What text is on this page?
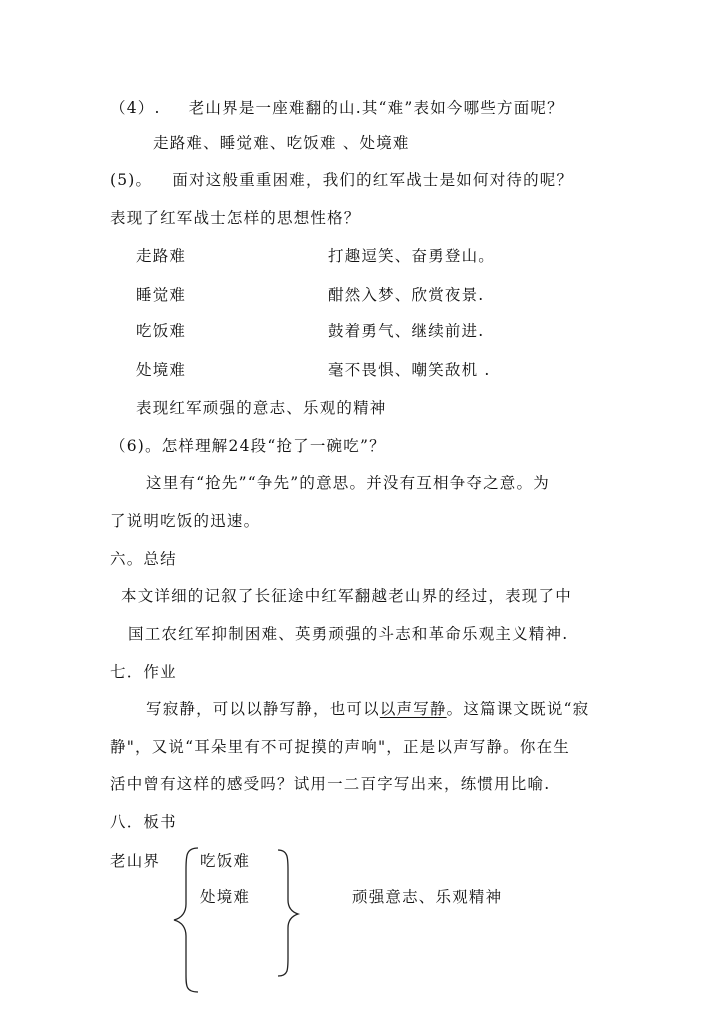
（4）. 老山界是一座难翻的山.其“难”表如今哪些方面呢？
走路难、睡觉难、吃饭难 、处境难
(5)。 面对这般重重困难，我们的红军战士是如何对待的呢？
表现了红军战士怎样的思想性格？
走路难	打趣逗笑、奋勇登山。
睡觉难	酣然入梦、欣赏夜景.
吃饭难	鼓着勇气、继续前进.
处境难	毫不畏惧、嘲笑敌机 .
表现红军顽强的意志、乐观的精神
（6)。怎样理解24段“抢了一碗吃”？
这里有“抢先”“争先”的意思。并没有互相争夺之意。为
了说明吃饭的迅速。
六。总结
本文详细的记叙了长征途中红军翻越老山界的经过，表现了中
国工农红军抑制困难、英勇顽强的斗志和革命乐观主义精神.
七．作业
写寂静，可以以静写静，也可以以声写静。这篇课文既说“寂
静"，又说“耳朵里有不可捉摸的声响"，正是以声写静。你在生
活中曾有这样的感受吗？试用一二百字写出来，练惯用比喻.
八．板书
老山界	吃饭难
处境难	顽强意志、乐观精神
